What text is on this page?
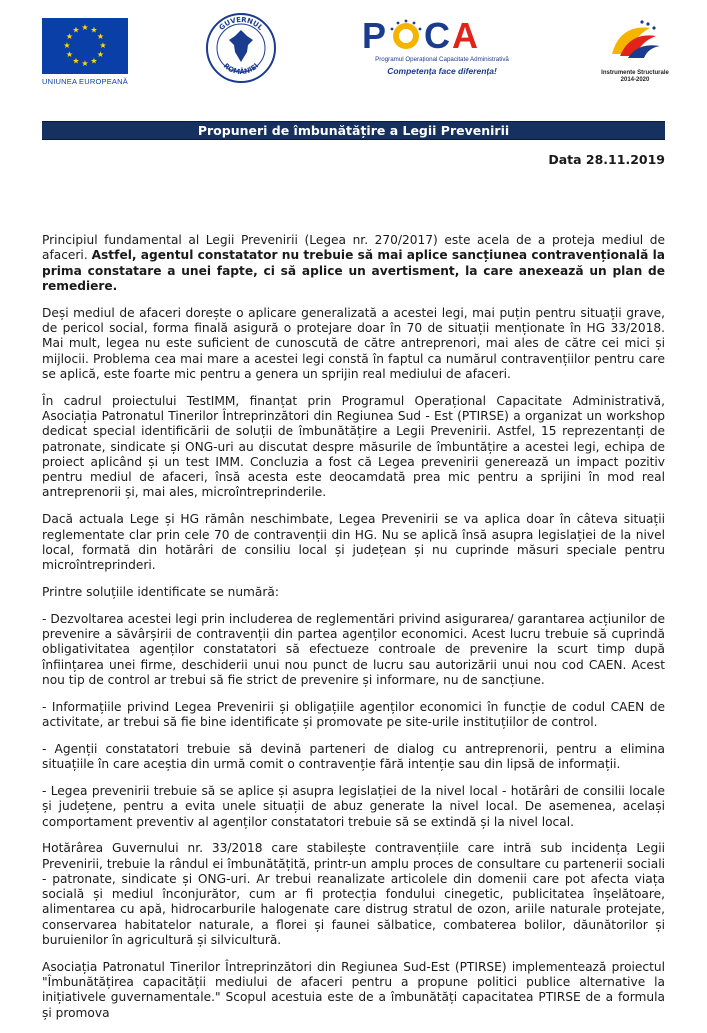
★ ★
★
★
★
★
★
★
★
★
★
★
UNIUNEA EUROPEANĂ
GUVERNUL
ROMÂNIEI
P C A
Programul Operațional Capacitate Administrativă
Competența face diferența!	Instrumente Structurale
2014-2020
Propuneri de îmbunătățire a Legii Prevenirii
Data 28.11.2019

Principiul fundamental al Legii Prevenirii (Legea nr. 270/2017) este acela de a proteja mediul de afaceri. Astfel, agentul constatator nu trebuie să mai aplice sancțiunea contravențională la prima constatare a unei fapte, ci să aplice un avertisment, la care anexează un plan de remediere.

Deși mediul de afaceri dorește o aplicare generalizată a acestei legi, mai puțin pentru situații grave, de pericol social, forma finală asigură o protejare doar în 70 de situații menționate în HG 33/2018. Mai mult, legea nu este suficient de cunoscută de către antreprenori, mai ales de către cei mici și mijlocii. Problema cea mai mare a acestei legi constă în faptul ca numărul contravențiilor pentru care se aplică, este foarte mic pentru a genera un sprijin real mediului de afaceri.

În cadrul proiectului TestIMM, finanțat prin Programul Operațional Capacitate Administrativă, Asociația Patronatul Tinerilor Întreprinzători din Regiunea Sud - Est (PTIRSE) a organizat un workshop dedicat special identificării de soluții de îmbunătățire a Legii Prevenirii. Astfel, 15 reprezentanți de patronate, sindicate și ONG-uri au discutat despre măsurile de îmbuntățire a acestei legi, echipa de proiect aplicând și un test IMM. Concluzia a fost că Legea prevenirii generează un impact pozitiv pentru mediul de afaceri, însă acesta este deocamdată prea mic pentru a sprijini în mod real antreprenorii și, mai ales, microîntreprinderile.

Dacă actuala Lege și HG rămân neschimbate, Legea Prevenirii se va aplica doar în câteva situații reglementate clar prin cele 70 de contravenții din HG. Nu se aplică însă asupra legislației de la nivel local, formată din hotărâri de consiliu local și județean și nu cuprinde măsuri speciale pentru microîntreprinderi.

Printre soluțiile identificate se numără:

- Dezvoltarea acestei legi prin includerea de reglementări privind asigurarea/ garantarea acțiunilor de prevenire a săvârșirii de contravenții din partea agenților economici. Acest lucru trebuie să cuprindă obligativitatea agenților constatatori să efectueze controale de prevenire la scurt timp după înființarea unei firme, deschiderii unui nou punct de lucru sau autorizării unui nou cod CAEN. Acest nou tip de control ar trebui să fie strict de prevenire și informare, nu de sancțiune.

- Informațiile privind Legea Prevenirii și obligațiile agenților economici în funcție de codul CAEN de activitate, ar trebui să fie bine identificate și promovate pe site-urile instituțiilor de control.

- Agenții constatatori trebuie să devină parteneri de dialog cu antreprenorii, pentru a elimina situațiile în care aceștia din urmă comit o contravenție fără intenție sau din lipsă de informații.

- Legea prevenirii trebuie să se aplice și asupra legislației de la nivel local - hotărâri de consilii locale și județene, pentru a evita unele situații de abuz generate la nivel local. De asemenea, același comportament preventiv al agenților constatatori trebuie să se extindă și la nivel local.

Hotărârea Guvernului nr. 33/2018 care stabilește contravențiile care intră sub incidența Legii Prevenirii, trebuie la rândul ei îmbunătățită, printr-un amplu proces de consultare cu partenerii sociali - patronate, sindicate și ONG-uri. Ar trebui reanalizate articolele din domenii care pot afecta viața socială și mediul înconjurător, cum ar fi protecția fondului cinegetic, publicitatea înșelătoare, alimentarea cu apă, hidrocarburile halogenate care distrug stratul de ozon, ariile naturale protejate, conservarea habitatelor naturale, a florei și faunei sălbatice, combaterea bolilor, dăunătorilor și buruienilor în agricultură și silvicultură.

Asociația Patronatul Tinerilor Întreprinzători din Regiunea Sud-Est (PTIRSE) implementează proiectul "Îmbunătățirea capacității mediului de afaceri pentru a propune politici publice alternative la inițiativele guvernamentale." Scopul acestuia este de a îmbunătăți capacitatea PTIRSE de a formula și promova
